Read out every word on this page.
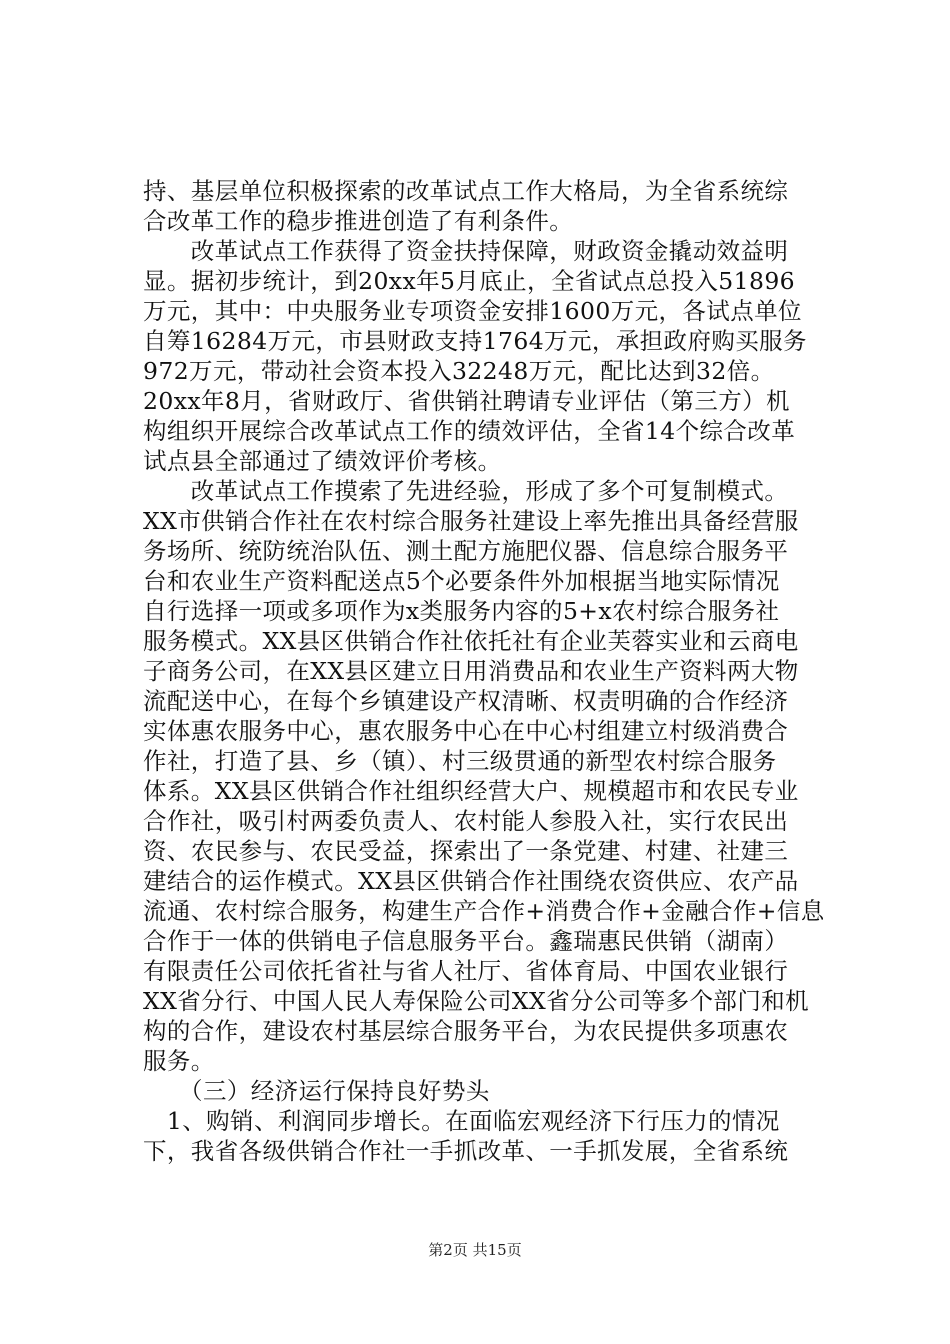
持、基层单位积极探索的改革试点工作大格局，为全省系统综
合改革工作的稳步推进创造了有利条件。
　　改革试点工作获得了资金扶持保障，财政资金撬动效益明
显。据初步统计，到20xx年5月底止，全省试点总投入51896
万元，其中：中央服务业专项资金安排1600万元，各试点单位
自筹16284万元，市县财政支持1764万元，承担政府购买服务
972万元，带动社会资本投入32248万元，配比达到32倍。
20xx年8月，省财政厅、省供销社聘请专业评估（第三方）机
构组织开展综合改革试点工作的绩效评估，全省14个综合改革
试点县全部通过了绩效评价考核。
　　改革试点工作摸索了先进经验，形成了多个可复制模式。
XX市供销合作社在农村综合服务社建设上率先推出具备经营服
务场所、统防统治队伍、测土配方施肥仪器、信息综合服务平
台和农业生产资料配送点5个必要条件外加根据当地实际情况
自行选择一项或多项作为x类服务内容的5+x农村综合服务社
服务模式。XX县区供销合作社依托社有企业芙蓉实业和云商电
子商务公司，在XX县区建立日用消费品和农业生产资料两大物
流配送中心，在每个乡镇建设产权清晰、权责明确的合作经济
实体惠农服务中心，惠农服务中心在中心村组建立村级消费合
作社，打造了县、乡（镇）、村三级贯通的新型农村综合服务
体系。XX县区供销合作社组织经营大户、规模超市和农民专业
合作社，吸引村两委负责人、农村能人参股入社，实行农民出
资、农民参与、农民受益，探索出了一条党建、村建、社建三
建结合的运作模式。XX县区供销合作社围绕农资供应、农产品
流通、农村综合服务，构建生产合作+消费合作+金融合作+信息
合作于一体的供销电子信息服务平台。鑫瑞惠民供销（湖南）
有限责任公司依托省社与省人社厅、省体育局、中国农业银行
XX省分行、中国人民人寿保险公司XX省分公司等多个部门和机
构的合作，建设农村基层综合服务平台，为农民提供多项惠农
服务。
　　（三）经济运行保持良好势头
　1、购销、利润同步增长。在面临宏观经济下行压力的情况
下，我省各级供销合作社一手抓改革、一手抓发展，全省系统
第2页 共15页
